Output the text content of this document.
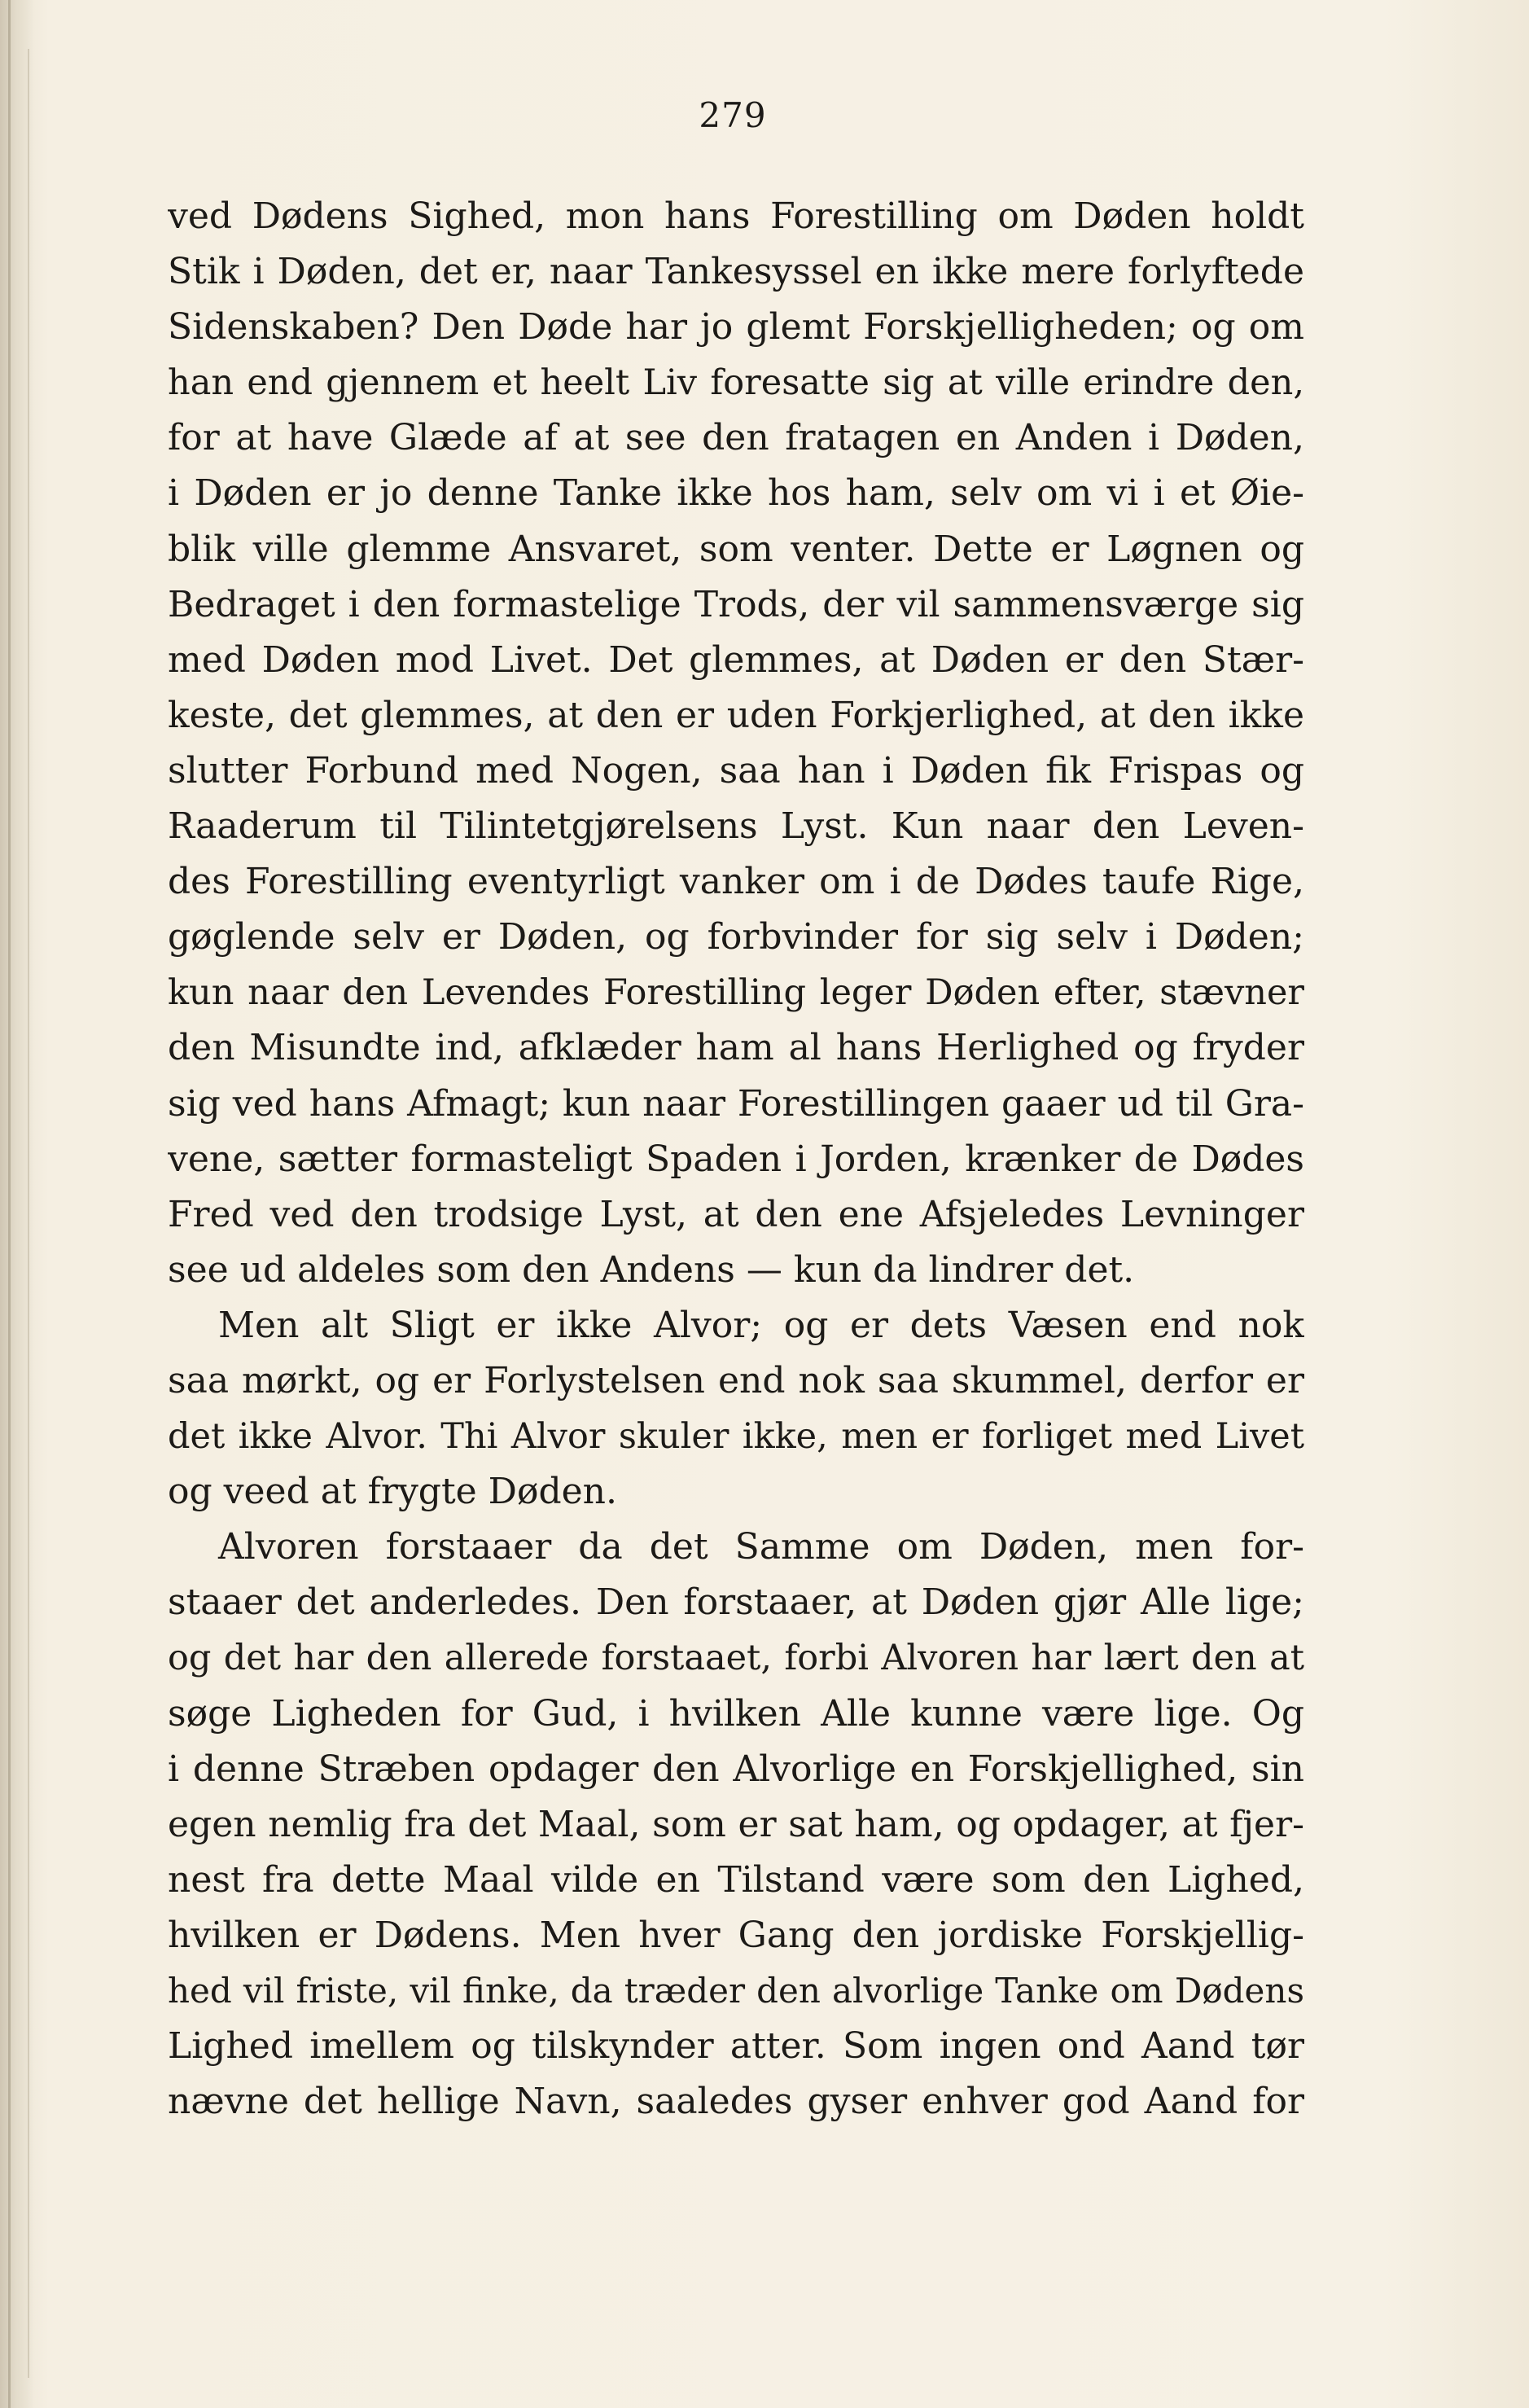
279
ved Dødens Sighed, mon hans Forestilling om Døden holdt
Stik i Døden, det er, naar Tankesyssel en ikke mere forlyftede
Sidenskaben? Den Døde har jo glemt Forskjelligheden; og om
han end gjennem et heelt Liv foresatte sig at ville erindre den,
for at have Glæde af at see den fratagen en Anden i Døden,
i Døden er jo denne Tanke ikke hos ham, selv om vi i et Øie-
blik ville glemme Ansvaret, som venter. Dette er Løgnen og
Bedraget i den formastelige Trods, der vil sammensværge sig
med Døden mod Livet. Det glemmes, at Døden er den Stær-
keste, det glemmes, at den er uden Forkjerlighed, at den ikke
slutter Forbund med Nogen, saa han i Døden fik Frispas og
Raaderum til Tilintetgjørelsens Lyst. Kun naar den Leven-
des Forestilling eventyrligt vanker om i de Dødes taufe Rige,
gøglende selv er Døden, og forbvinder for sig selv i Døden;
kun naar den Levendes Forestilling leger Døden efter, stævner
den Misundte ind, afklæder ham al hans Herlighed og fryder
sig ved hans Afmagt; kun naar Forestillingen gaaer ud til Gra-
vene, sætter formasteligt Spaden i Jorden, krænker de Dødes
Fred ved den trodsige Lyst, at den ene Afsjeledes Levninger
see ud aldeles som den Andens — kun da lindrer det.
Men alt Sligt er ikke Alvor; og er dets Væsen end nok
saa mørkt, og er Forlystelsen end nok saa skummel, derfor er
det ikke Alvor. Thi Alvor skuler ikke, men er forliget med Livet
og veed at frygte Døden.
Alvoren forstaaer da det Samme om Døden, men for-
staaer det anderledes. Den forstaaer, at Døden gjør Alle lige;
og det har den allerede forstaaet, forbi Alvoren har lært den at
søge Ligheden for Gud, i hvilken Alle kunne være lige. Og
i denne Stræben opdager den Alvorlige en Forskjellighed, sin
egen nemlig fra det Maal, som er sat ham, og opdager, at fjer-
nest fra dette Maal vilde en Tilstand være som den Lighed,
hvilken er Dødens. Men hver Gang den jordiske Forskjellig-
hed vil friste, vil finke, da træder den alvorlige Tanke om Dødens
Lighed imellem og tilskynder atter. Som ingen ond Aand tør
nævne det hellige Navn, saaledes gyser enhver god Aand for
